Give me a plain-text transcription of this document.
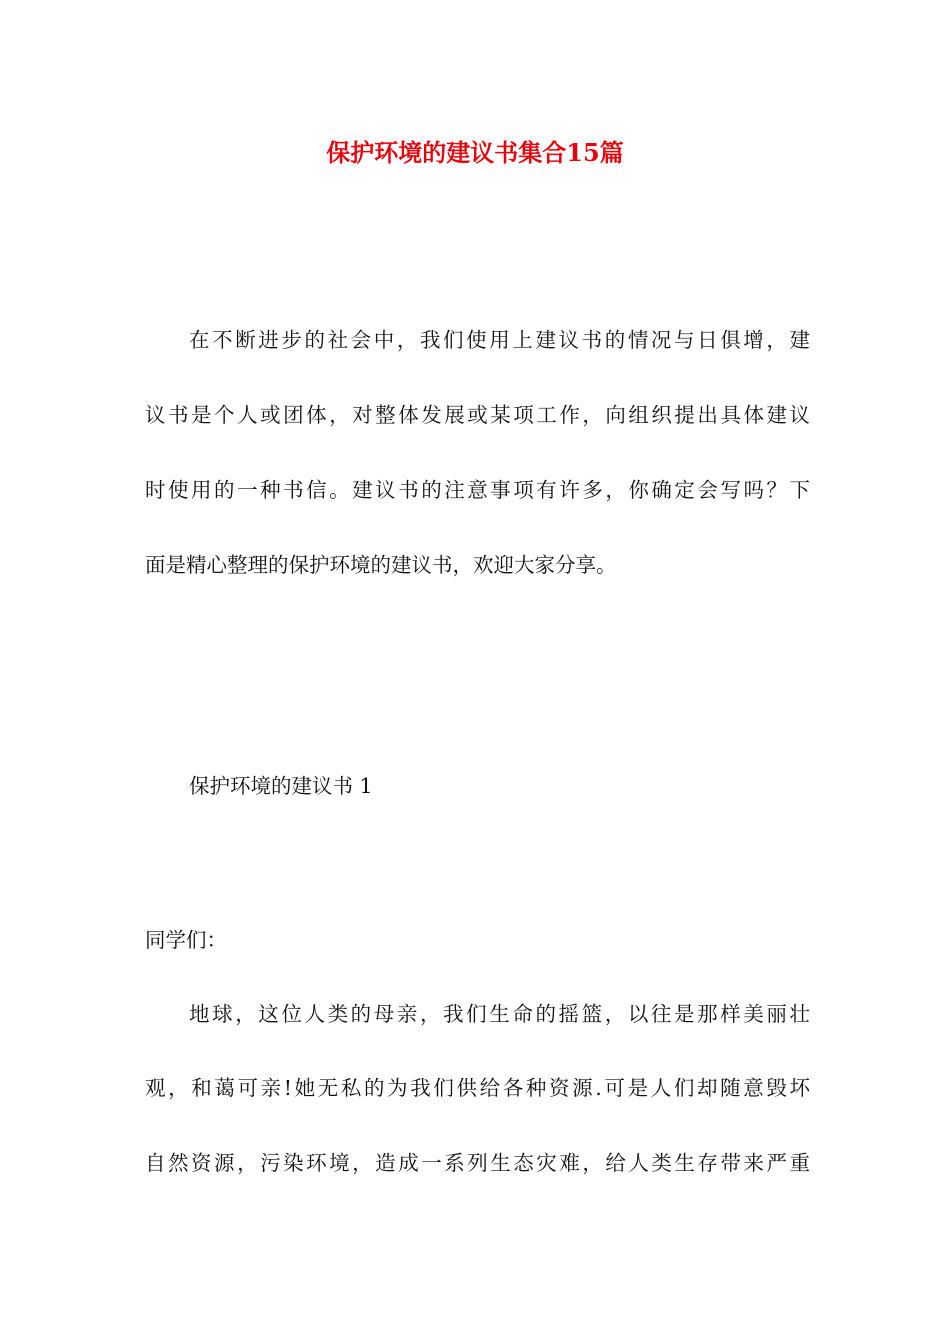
保护环境的建议书集合15篇
在不断进步的社会中，我们使用上建议书的情况与日俱增，建
议书是个人或团体，对整体发展或某项工作，向组织提出具体建议
时使用的一种书信。建议书的注意事项有许多，你确定会写吗？下
面是精心整理的保护环境的建议书，欢迎大家分享。
保护环境的建议书 1
同学们：
地球，这位人类的母亲，我们生命的摇篮，以往是那样美丽壮
观，和蔼可亲!她无私的为我们供给各种资源.可是人们却随意毁坏
自然资源，污染环境，造成一系列生态灾难，给人类生存带来严重
